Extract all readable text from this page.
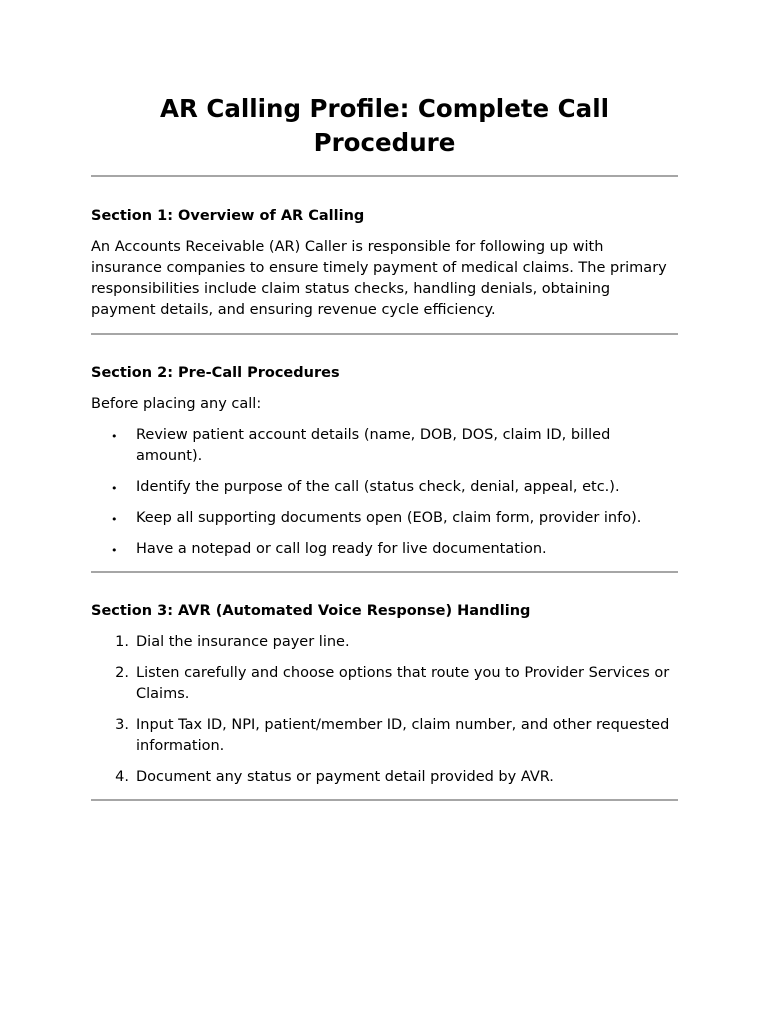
AR Calling Profile: Complete Call Procedure
Section 1: Overview of AR Calling

An Accounts Receivable (AR) Caller is responsible for following up with insurance companies to ensure timely payment of medical claims. The primary responsibilities include claim status checks, handling denials, obtaining payment details, and ensuring revenue cycle efficiency.

Section 2: Pre-Call Procedures

Before placing any call:

• Review patient account details (name, DOB, DOS, claim ID, billed amount).
• Identify the purpose of the call (status check, denial, appeal, etc.).
• Keep all supporting documents open (EOB, claim form, provider info).
• Have a notepad or call log ready for live documentation.
Section 3: AVR (Automated Voice Response) Handling
1. Dial the insurance payer line.
2. Listen carefully and choose options that route you to Provider Services or Claims.
3. Input Tax ID, NPI, patient/member ID, claim number, and other requested information.
4. Document any status or payment detail provided by AVR.
